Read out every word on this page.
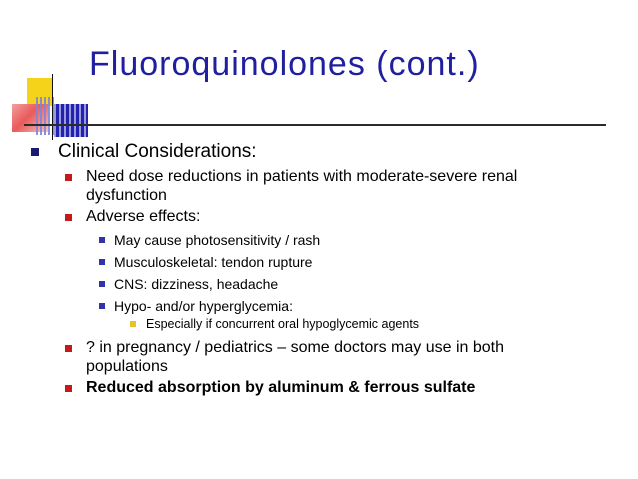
Fluoroquinolones (cont.)
Clinical Considerations:
Need dose reductions in patients with moderate-severe renal
dysfunction
Adverse effects:
May cause photosensitivity / rash
Musculoskeletal: tendon rupture
CNS: dizziness, headache
Hypo- and/or hyperglycemia:
Especially if concurrent oral hypoglycemic agents
? in pregnancy / pediatrics – some doctors may use in both
populations
Reduced absorption by aluminum & ferrous sulfate
